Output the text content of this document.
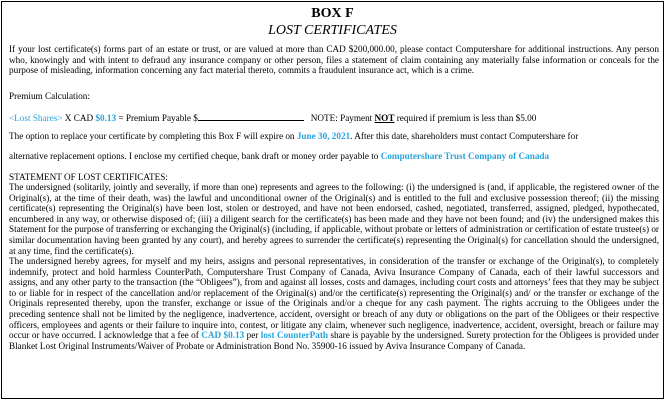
BOX F
LOST CERTIFICATES
If your lost certificate(s) forms part of an estate or trust, or are valued at more than CAD $200,000.00, please contact Computershare for additional instructions. Any person who, knowingly and with intent to defraud any insurance company or other person, files a statement of claim containing any materially false information or conceals for the purpose of misleading, information concerning any fact material thereto, commits a fraudulent insurance act, which is a crime.
Premium Calculation:
<Lost Shares> X CAD $0.13 = Premium Payable $	NOTE: Payment NOT required if premium is less than $5.00
The option to replace your certificate by completing this Box F will expire on June 30, 2021. After this date, shareholders must contact Computershare for
alternative replacement options. I enclose my certified cheque, bank draft or money order payable to Computershare Trust Company of Canada
STATEMENT OF LOST CERTIFICATES:
The undersigned (solitarily, jointly and severally, if more than one) represents and agrees to the following: (i) the undersigned is (and, if applicable, the registered owner of the Original(s), at the time of their death, was) the lawful and unconditional owner of the Original(s) and is entitled to the full and exclusive possession thereof; (ii) the missing certificate(s) representing the Original(s) have been lost, stolen or destroyed, and have not been endorsed, cashed, negotiated, transferred, assigned, pledged, hypothecated, encumbered in any way, or otherwise disposed of; (iii) a diligent search for the certificate(s) has been made and they have not been found; and (iv) the undersigned makes this Statement for the purpose of transferring or exchanging the Original(s) (including, if applicable, without probate or letters of administration or certification of estate trustee(s) or similar documentation having been granted by any court), and hereby agrees to surrender the certificate(s) representing the Original(s) for cancellation should the undersigned, at any time, find the certificate(s).
The undersigned hereby agrees, for myself and my heirs, assigns and personal representatives, in consideration of the transfer or exchange of the Original(s), to completely indemnify, protect and hold harmless CounterPath, Computershare Trust Company of Canada, Aviva Insurance Company of Canada, each of their lawful successors and assigns, and any other party to the transaction (the “Obligees”), from and against all losses, costs and damages, including court costs and attorneys’ fees that they may be subject to or liable for in respect of the cancellation and/or replacement of the Original(s) and/or the certificate(s) representing the Original(s) and/ or the transfer or exchange of the Originals represented thereby, upon the transfer, exchange or issue of the Originals and/or a cheque for any cash payment. The rights accruing to the Obligees under the preceding sentence shall not be limited by the negligence, inadvertence, accident, oversight or breach of any duty or obligations on the part of the Obligees or their respective officers, employees and agents or their failure to inquire into, contest, or litigate any claim, whenever such negligence, inadvertence, accident, oversight, breach or failure may occur or have occurred. I acknowledge that a fee of CAD $0.13 per lost CounterPath share is payable by the undersigned. Surety protection for the Obligees is provided under Blanket Lost Original Instruments/Waiver of Probate or Administration Bond No. 35900-16 issued by Aviva Insurance Company of Canada.
